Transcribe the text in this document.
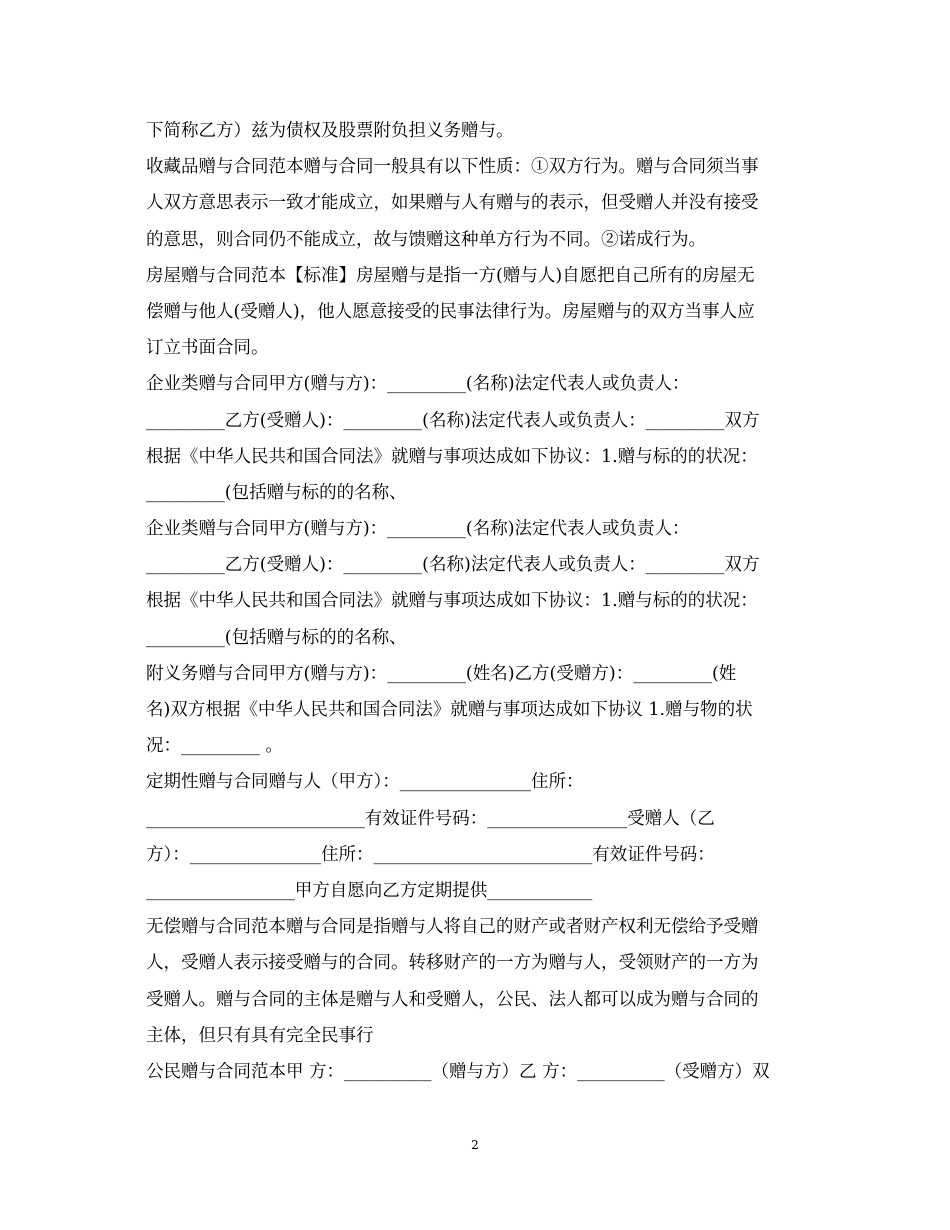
下简称乙方）兹为债权及股票附负担义务赠与。
收藏品赠与合同范本赠与合同一般具有以下性质：①双方行为。赠与合同须当事
人双方意思表示一致才能成立，如果赠与人有赠与的表示，但受赠人并没有接受
的意思，则合同仍不能成立，故与馈赠这种单方行为不同。②诺成行为。
房屋赠与合同范本【标准】房屋赠与是指一方(赠与人)自愿把自己所有的房屋无
偿赠与他人(受赠人)，他人愿意接受的民事法律行为。房屋赠与的双方当事人应
订立书面合同。
企业类赠与合同甲方(赠与方)：_________(名称)法定代表人或负责人：
_________乙方(受赠人)：_________(名称)法定代表人或负责人：_________双方
根据《中华人民共和国合同法》就赠与事项达成如下协议：1.赠与标的的状况：
_________(包括赠与标的的名称、
企业类赠与合同甲方(赠与方)：_________(名称)法定代表人或负责人：
_________乙方(受赠人)：_________(名称)法定代表人或负责人：_________双方
根据《中华人民共和国合同法》就赠与事项达成如下协议：1.赠与标的的状况：
_________(包括赠与标的的名称、
附义务赠与合同甲方(赠与方)：_________(姓名)乙方(受赠方)：_________(姓
名)双方根据《中华人民共和国合同法》就赠与事项达成如下协议 1.赠与物的状
况：_________ 。
定期性赠与合同赠与人（甲方）：_______________住所：
_________________________有效证件号码：________________受赠人（乙
方）：_______________住所：_________________________有效证件号码：
_________________甲方自愿向乙方定期提供____________
无偿赠与合同范本赠与合同是指赠与人将自己的财产或者财产权利无偿给予受赠
人，受赠人表示接受赠与的合同。转移财产的一方为赠与人，受领财产的一方为
受赠人。赠与合同的主体是赠与人和受赠人，公民、法人都可以成为赠与合同的
主体，但只有具有完全民事行
公民赠与合同范本甲 方：__________（赠与方）乙 方：__________（受赠方）双
2
